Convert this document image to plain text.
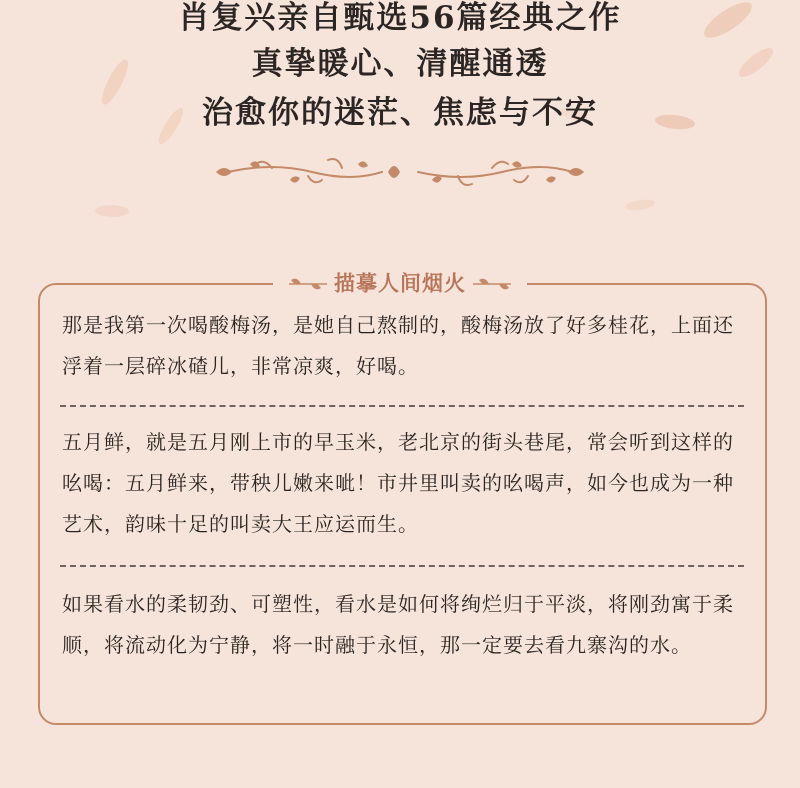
肖复兴亲自甄选56篇经典之作
真挚暖心、清醒通透
治愈你的迷茫、焦虑与不安
描摹人间烟火
那是我第一次喝酸梅汤，是她自己熬制的，酸梅汤放了好多桂花，上面还浮着一层碎冰碴儿，非常凉爽，好喝。
五月鲜，就是五月刚上市的早玉米，老北京的街头巷尾，常会听到这样的吆喝：五月鲜来，带秧儿嫩来呲！市井里叫卖的吆喝声，如今也成为一种艺术，韵味十足的叫卖大王应运而生。
如果看水的柔韧劲、可塑性，看水是如何将绚烂归于平淡，将刚劲寓于柔顺，将流动化为宁静，将一时融于永恒，那一定要去看九寨沟的水。
